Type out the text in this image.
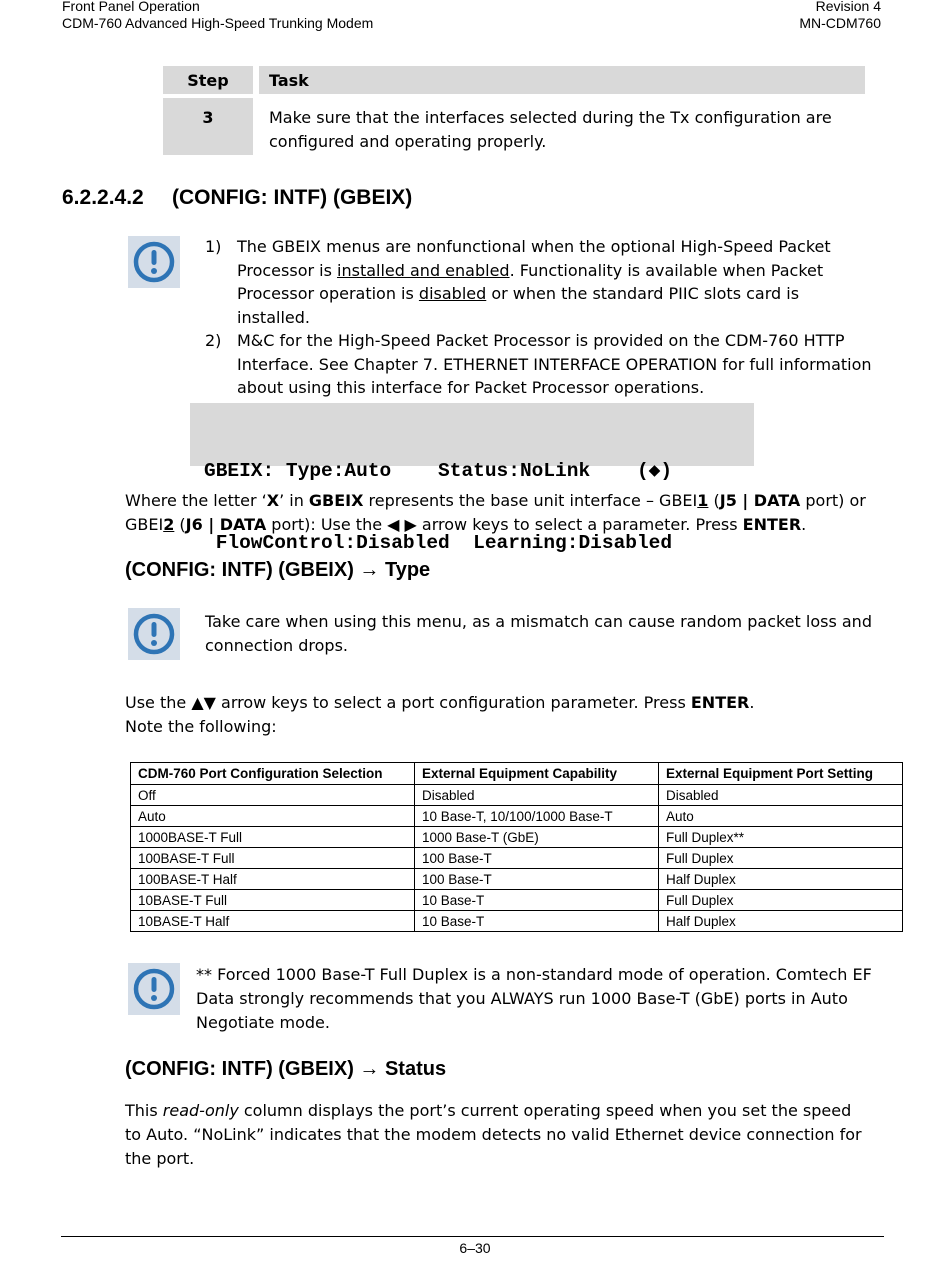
Front Panel Operation
CDM-760 Advanced High-Speed Trunking Modem
Revision 4
MN-CDM760
Step	Task
3	Make sure that the interfaces selected during the Tx configuration are configured and operating properly.
6.2.2.4.2 (CONFIG: INTF) (GBEIX)
1) The GBEIX menus are nonfunctional when the optional High-Speed Packet Processor is installed and enabled. Functionality is available when Packet Processor operation is disabled or when the standard PIIC slots card is installed.
2) M&C for the High-Speed Packet Processor is provided on the CDM-760 HTTP Interface. See Chapter 7. ETHERNET INTERFACE OPERATION for full information about using this interface for Packet Processor operations.

GBEIX: Type:Auto    Status:NoLink    (◆)

FlowControl:Disabled  Learning:Disabled

Where the letter ‘X’ in GBEIX represents the base unit interface – GBEI1 (J5 | DATA port) or GBEI2 (J6 | DATA port): Use the ◀ ▶ arrow keys to select a parameter. Press ENTER.
(CONFIG: INTF) (GBEIX) → Type
Take care when using this menu, as a mismatch can cause random packet loss and connection drops.
Use the ▲▼ arrow keys to select a port configuration parameter. Press ENTER.
Note the following:
CDM-760 Port Configuration Selection	External Equipment Capability	External Equipment Port Setting
Off	Disabled	Disabled
Auto	10 Base-T, 10/100/1000 Base-T	Auto
1000BASE-T Full	1000 Base-T (GbE)	Full Duplex**
100BASE-T Full	100 Base-T	Full Duplex
100BASE-T Half	100 Base-T	Half Duplex
10BASE-T Full	10 Base-T	Full Duplex
10BASE-T Half	10 Base-T	Half Duplex
** Forced 1000 Base-T Full Duplex is a non-standard mode of operation. Comtech EF Data strongly recommends that you ALWAYS run 1000 Base-T (GbE) ports in Auto Negotiate mode.
(CONFIG: INTF) (GBEIX) → Status
This read-only column displays the port’s current operating speed when you set the speed to Auto. “NoLink” indicates that the modem detects no valid Ethernet device connection for the port.
6–30
